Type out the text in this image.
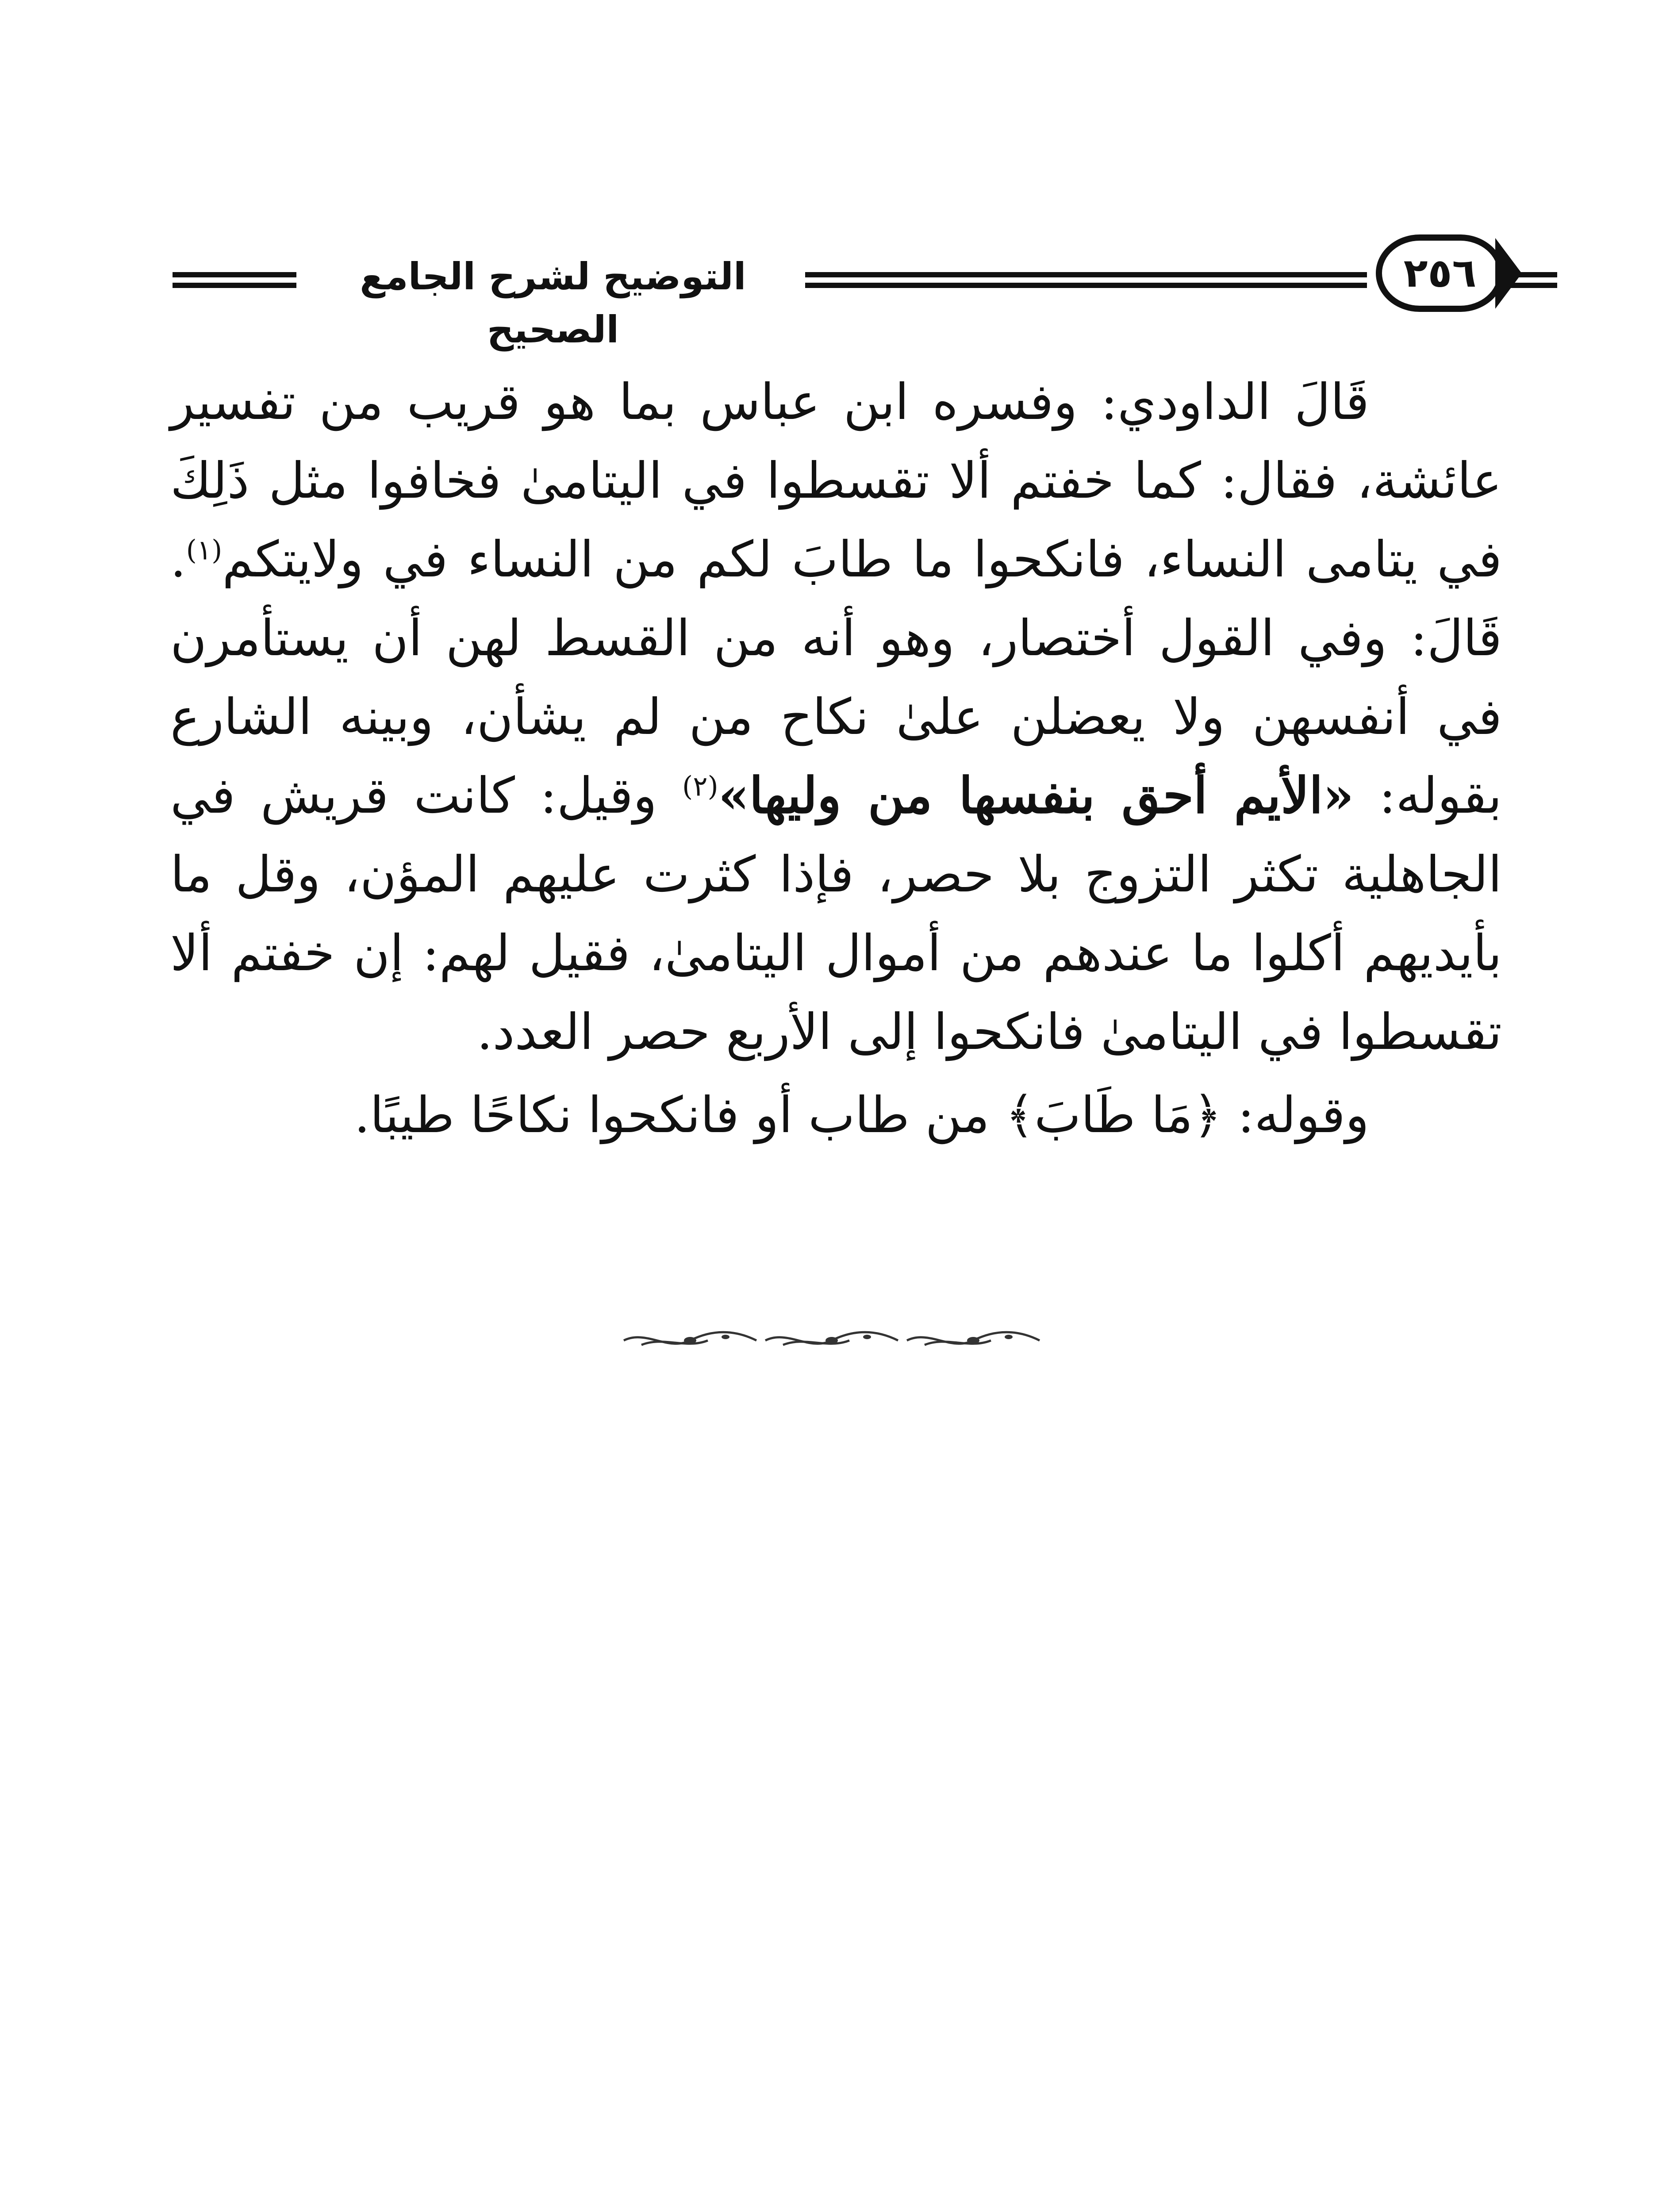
التوضيح لشرح الجامع الصحيح
٢٥٦

قَالَ الداودي: وفسره ابن عباس بما هو قريب من تفسير عائشة، فقال: كما خفتم ألا تقسطوا في اليتامىٰ فخافوا مثل ذَلِكَ في يتامى النساء، فانكحوا ما طابَ لكم من النساء في ولايتكم$^{(١)}$. قَالَ: وفي القول أختصار، وهو أنه من القسط لهن أن يستأمرن في أنفسهن ولا يعضلن علىٰ نكاح من لم يشأن، وبينه الشارع بقوله: «الأيم أحق بنفسها من وليها»$^{(٢)}$ وقيل: كانت قريش في الجاهلية تكثر التزوج بلا حصر، فإذا كثرت عليهم المؤن، وقل ما بأيديهم أكلوا ما عندهم من أموال اليتامىٰ، فقيل لهم: إن خفتم ألا تقسطوا في اليتامىٰ فانكحوا إلى الأربع حصر العدد.

وقوله: ﴿مَا طَابَ﴾ من طاب أو فانكحوا نكاحًا طيبًا.
